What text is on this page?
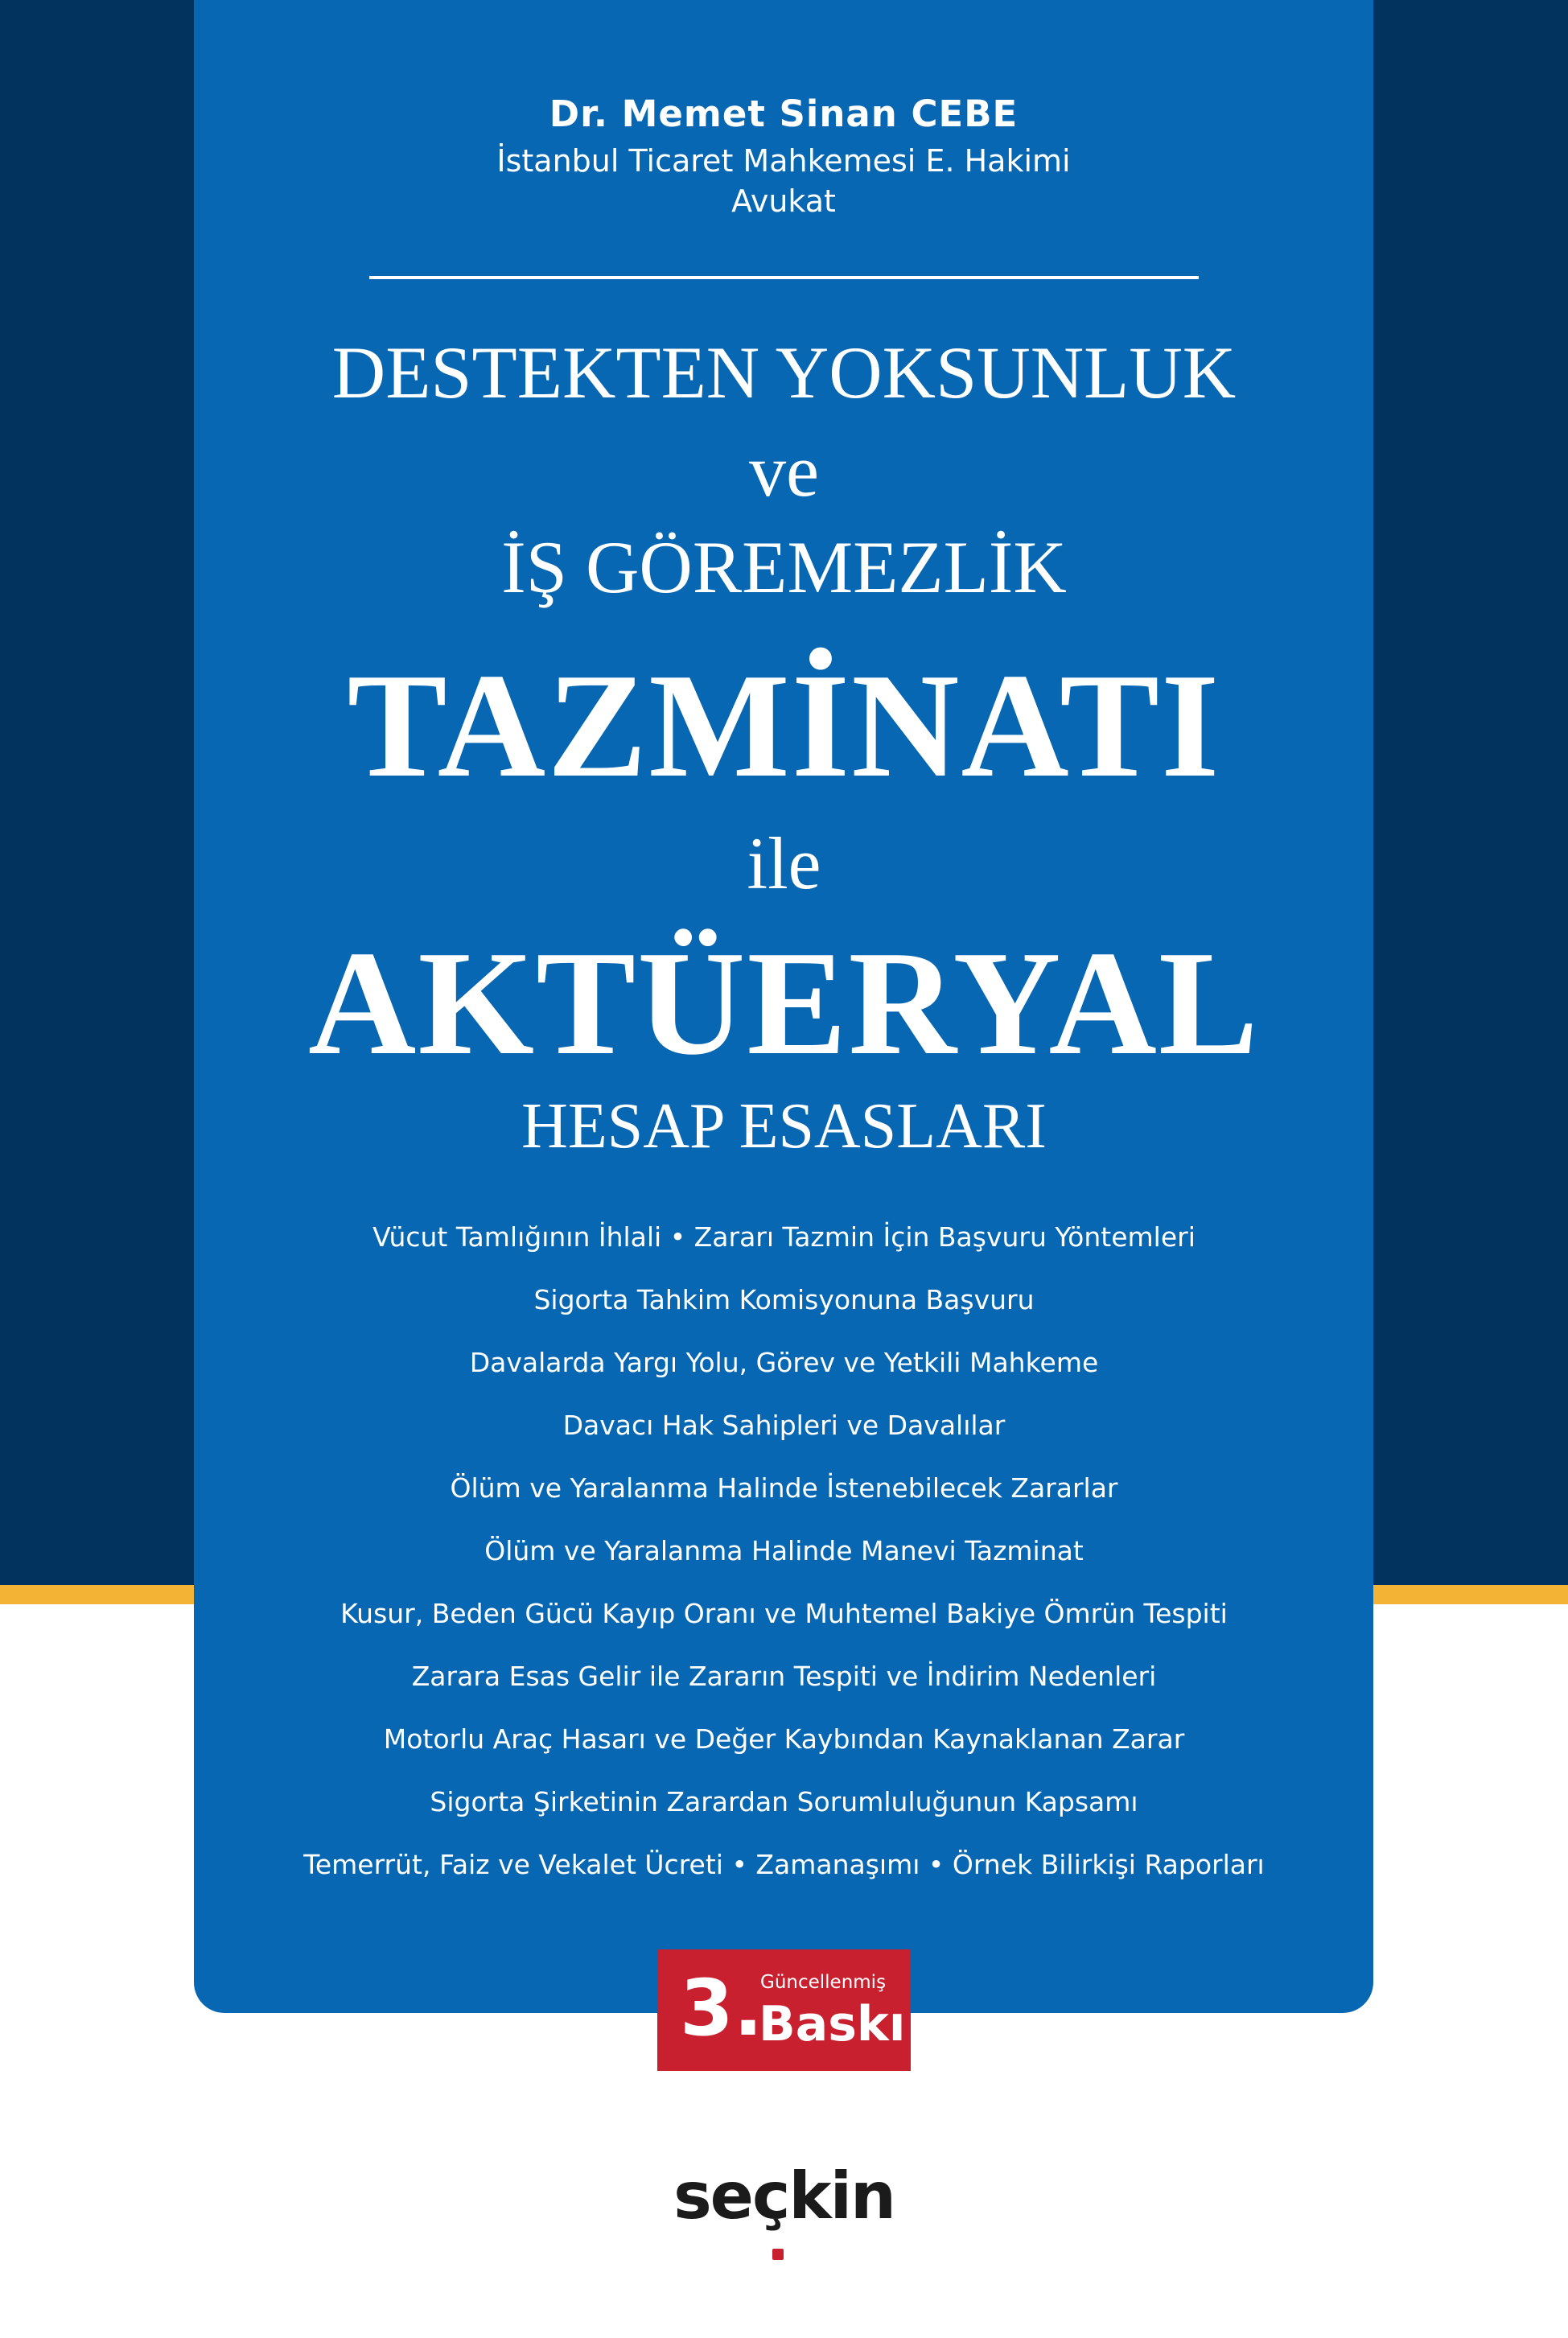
Dr. Memet Sinan CEBE
İstanbul Ticaret Mahkemesi E. Hakimi
Avukat
DESTEKTEN YOKSUNLUK
ve
İŞ GÖREMEZLİK
TAZMİNATI
ile
AKTÜERYAL
HESAP ESASLARI
Vücut Tamlığının İhlali • Zararı Tazmin İçin Başvuru Yöntemleri
Sigorta Tahkim Komisyonuna Başvuru
Davalarda Yargı Yolu, Görev ve Yetkili Mahkeme
Davacı Hak Sahipleri ve Davalılar
Ölüm ve Yaralanma Halinde İstenebilecek Zararlar
Ölüm ve Yaralanma Halinde Manevi Tazminat
Kusur, Beden Gücü Kayıp Oranı ve Muhtemel Bakiye Ömrün Tespiti
Zarara Esas Gelir ile Zararın Tespiti ve İndirim Nedenleri
Motorlu Araç Hasarı ve Değer Kaybından Kaynaklanan Zarar
Sigorta Şirketinin Zarardan Sorumluluğunun Kapsamı
Temerrüt, Faiz ve Vekalet Ücreti • Zamanaşımı • Örnek Bilirkişi Raporları
3.
Güncellenmiş
Baskı
seçkin
